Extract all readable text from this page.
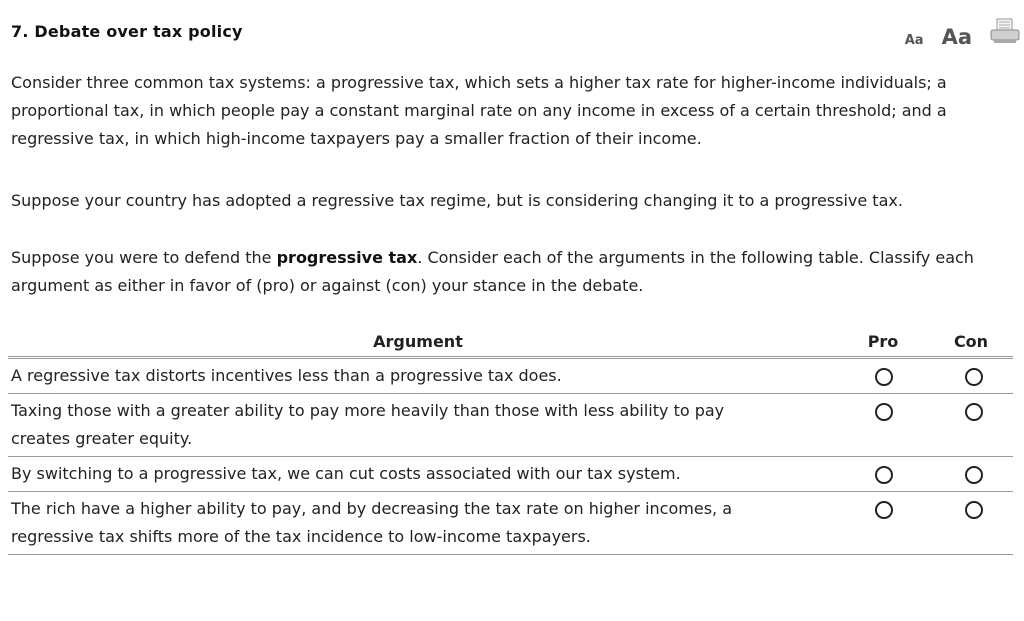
7. Debate over tax policy	Aa Aa
Consider three common tax systems: a progressive tax, which sets a higher tax rate for higher-income individuals; a proportional tax, in which people pay a constant marginal rate on any income in excess of a certain threshold; and a regressive tax, in which high-income taxpayers pay a smaller fraction of their income.
Suppose your country has adopted a regressive tax regime, but is considering changing it to a progressive tax.
Suppose you were to defend the progressive tax. Consider each of the arguments in the following table. Classify each argument as either in favor of (pro) or against (con) your stance in the debate.
Argument	Pro	Con
A regressive tax distorts incentives less than a progressive tax does.
Taxing those with a greater ability to pay more heavily than those with less ability to pay creates greater equity.
By switching to a progressive tax, we can cut costs associated with our tax system.
The rich have a higher ability to pay, and by decreasing the tax rate on higher incomes, a regressive tax shifts more of the tax incidence to low-income taxpayers.
